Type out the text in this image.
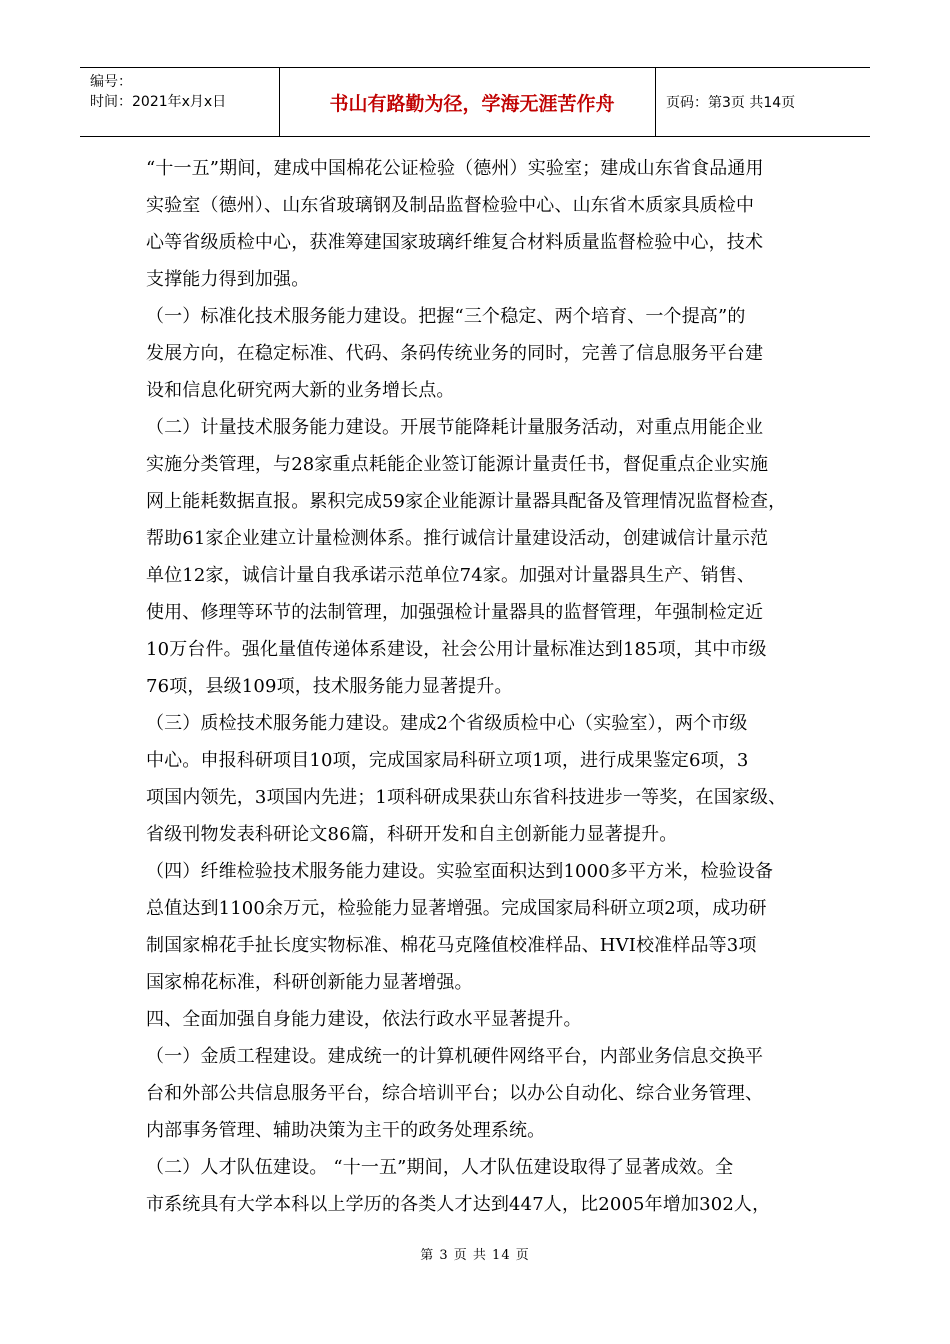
编号：
时间：2021年x月x日	书山有路勤为径，学海无涯苦作舟	页码：第3页 共14页
“十一五”期间，建成中国棉花公证检验（德州）实验室；建成山东省食品通用
实验室（德州）、山东省玻璃钢及制品监督检验中心、山东省木质家具质检中
心等省级质检中心，获准筹建国家玻璃纤维复合材料质量监督检验中心，技术
支撑能力得到加强。
（一）标准化技术服务能力建设。把握“三个稳定、两个培育、一个提高”的
发展方向，在稳定标准、代码、条码传统业务的同时，完善了信息服务平台建
设和信息化研究两大新的业务增长点。
（二）计量技术服务能力建设。开展节能降耗计量服务活动，对重点用能企业
实施分类管理，与28家重点耗能企业签订能源计量责任书，督促重点企业实施
网上能耗数据直报。累积完成59家企业能源计量器具配备及管理情况监督检查，
帮助61家企业建立计量检测体系。推行诚信计量建设活动，创建诚信计量示范
单位12家，诚信计量自我承诺示范单位74家。加强对计量器具生产、销售、
使用、修理等环节的法制管理，加强强检计量器具的监督管理，年强制检定近
10万台件。强化量值传递体系建设，社会公用计量标准达到185项，其中市级
76项，县级109项，技术服务能力显著提升。
（三）质检技术服务能力建设。建成2个省级质检中心（实验室），两个市级
中心。申报科研项目10项，完成国家局科研立项1项，进行成果鉴定6项，3
项国内领先，3项国内先进；1项科研成果获山东省科技进步一等奖，在国家级、
省级刊物发表科研论文86篇，科研开发和自主创新能力显著提升。
（四）纤维检验技术服务能力建设。实验室面积达到1000多平方米，检验设备
总值达到1100余万元，检验能力显著增强。完成国家局科研立项2项，成功研
制国家棉花手扯长度实物标准、棉花马克隆值校准样品、HVI校准样品等3项
国家棉花标准，科研创新能力显著增强。
四、全面加强自身能力建设，依法行政水平显著提升。
（一）金质工程建设。建成统一的计算机硬件网络平台，内部业务信息交换平
台和外部公共信息服务平台，综合培训平台；以办公自动化、综合业务管理、
内部事务管理、辅助决策为主干的政务处理系统。
（二）人才队伍建设。 “十一五”期间，人才队伍建设取得了显著成效。全
市系统具有大学本科以上学历的各类人才达到447人，比2005年增加302人，
第 3 页 共 14 页
